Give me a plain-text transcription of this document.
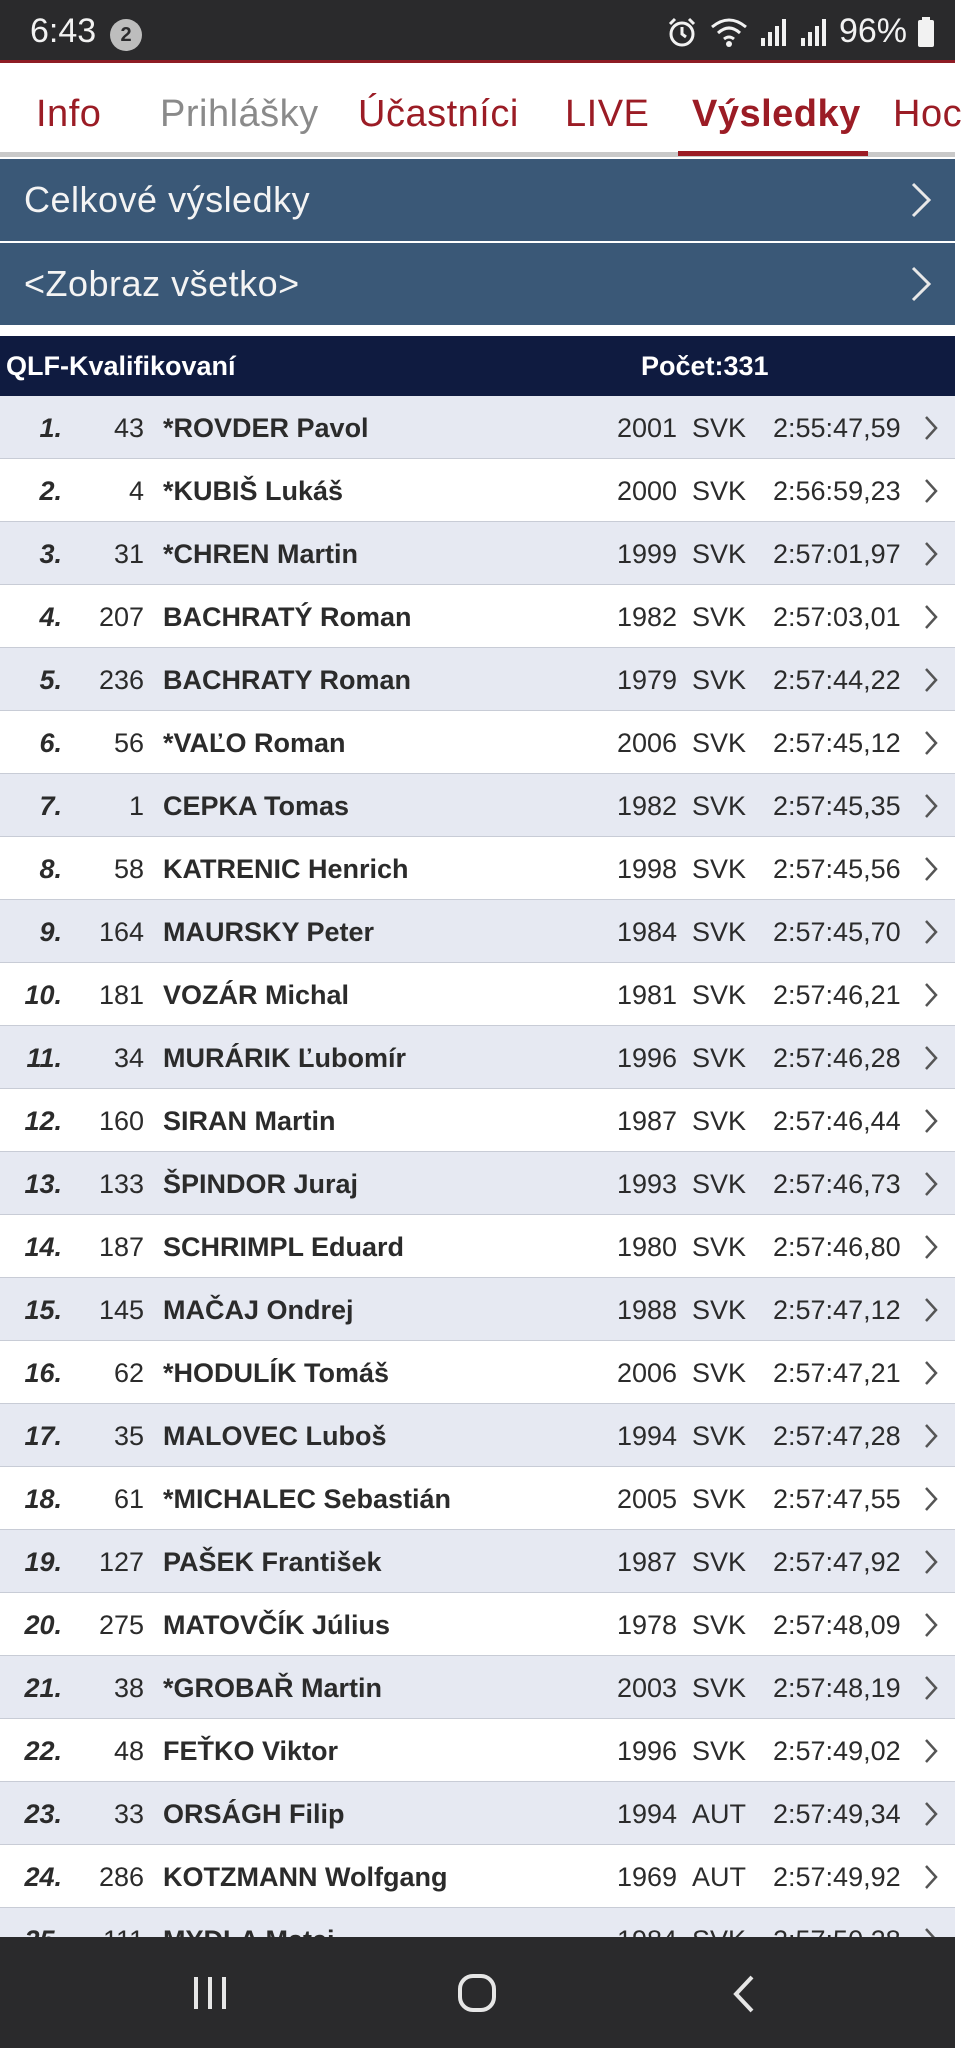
6:43	2	96%
Info Prihlášky Účastníci LIVE Výsledky Hoc
Celkové výsledky
<Zobraz všetko>
QLF-Kvalifikovaní	Počet:331
1.	43 *ROVDER Pavol	2001 SVK 2:55:47,59
2.	4 *KUBIŠ Lukáš	2000 SVK 2:56:59,23
3.	31 *CHREN Martin	1999 SVK 2:57:01,97
4.	207 BACHRATÝ Roman	1982 SVK 2:57:03,01
5.	236 BACHRATY Roman	1979 SVK 2:57:44,22
6.	56 *VAĽO Roman	2006 SVK 2:57:45,12
7.	1 CEPKA Tomas	1982 SVK 2:57:45,35
8.	58 KATRENIC Henrich	1998 SVK 2:57:45,56
9.	164 MAURSKY Peter	1984 SVK 2:57:45,70
10.	181 VOZÁR Michal	1981 SVK 2:57:46,21
11.	34 MURÁRIK Ľubomír	1996 SVK 2:57:46,28
12.	160 SIRAN Martin	1987 SVK 2:57:46,44
13.	133 ŠPINDOR Juraj	1993 SVK 2:57:46,73
14.	187 SCHRIMPL Eduard	1980 SVK 2:57:46,80
15.	145 MAČAJ Ondrej	1988 SVK 2:57:47,12
16.	62 *HODULÍK Tomáš	2006 SVK 2:57:47,21
17.	35 MALOVEC Luboš	1994 SVK 2:57:47,28
18.	61 *MICHALEC Sebastián	2005 SVK 2:57:47,55
19.	127 PAŠEK František	1987 SVK 2:57:47,92
20.	275 MATOVČÍK Július	1978 SVK 2:57:48,09
21.	38 *GROBAŘ Martin	2003 SVK 2:57:48,19
22.	48 FEŤKO Viktor	1996 SVK 2:57:49,02
23.	33 ORSÁGH Filip	1994 AUT 2:57:49,34
24.	286 KOTZMANN Wolfgang	1969 AUT 2:57:49,92
